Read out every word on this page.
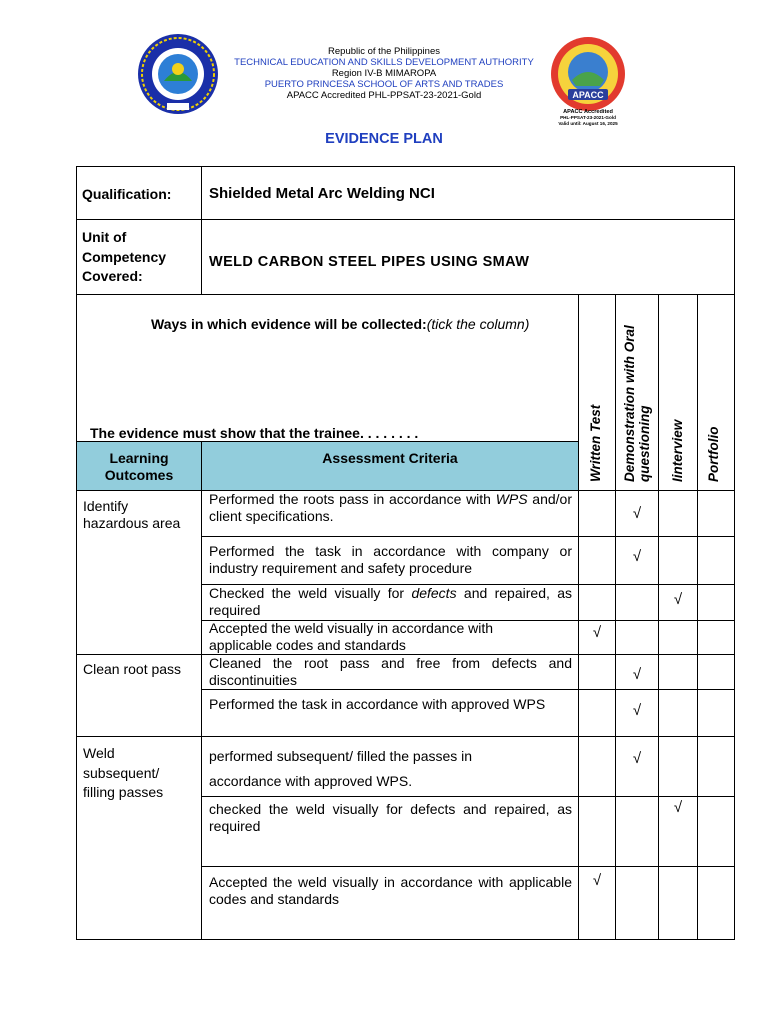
APACC
APACC Accredited
PHL-PPSAT-23-2021-Gold
Valid until: August 16, 2025
Republic of the Philippines
TECHNICAL EDUCATION AND SKILLS DEVELOPMENT AUTHORITY
Region IV-B MIMAROPA
PUERTO PRINCESA SCHOOL OF ARTS AND TRADES
APACC Accredited PHL-PPSAT-23-2021-Gold
EVIDENCE PLAN
Qualification:	Shielded Metal Arc Welding NCI
Unit of
Competency
Covered:
WELD CARBON STEEL PIPES USING SMAW
Ways in which evidence will be collected:(tick the column)
The evidence must show that the trainee. . . . . . . .
Learning
Outcomes
Assessment Criteria	Written Test Demonstration with Oral questioning Iinterview Portfolio
Identify
hazardous area
Clean root pass
Weld
subsequent/
filling passes
Performed the roots pass in accordance with WPS and/or client specifications.
Performed the task in accordance with company or industry requirement and safety procedure
Checked the weld visually for defects and repaired, as required
Accepted the weld visually in accordance with applicable codes and standards
Cleaned the root pass and free from defects and discontinuities
Performed the task in accordance with approved WPS
performed subsequent/ filled the passes in
accordance with approved WPS.
checked the weld visually for defects and repaired, as required
Accepted the weld visually in accordance with applicable codes and standards
√
√
√
√
√
√
√
√
√
